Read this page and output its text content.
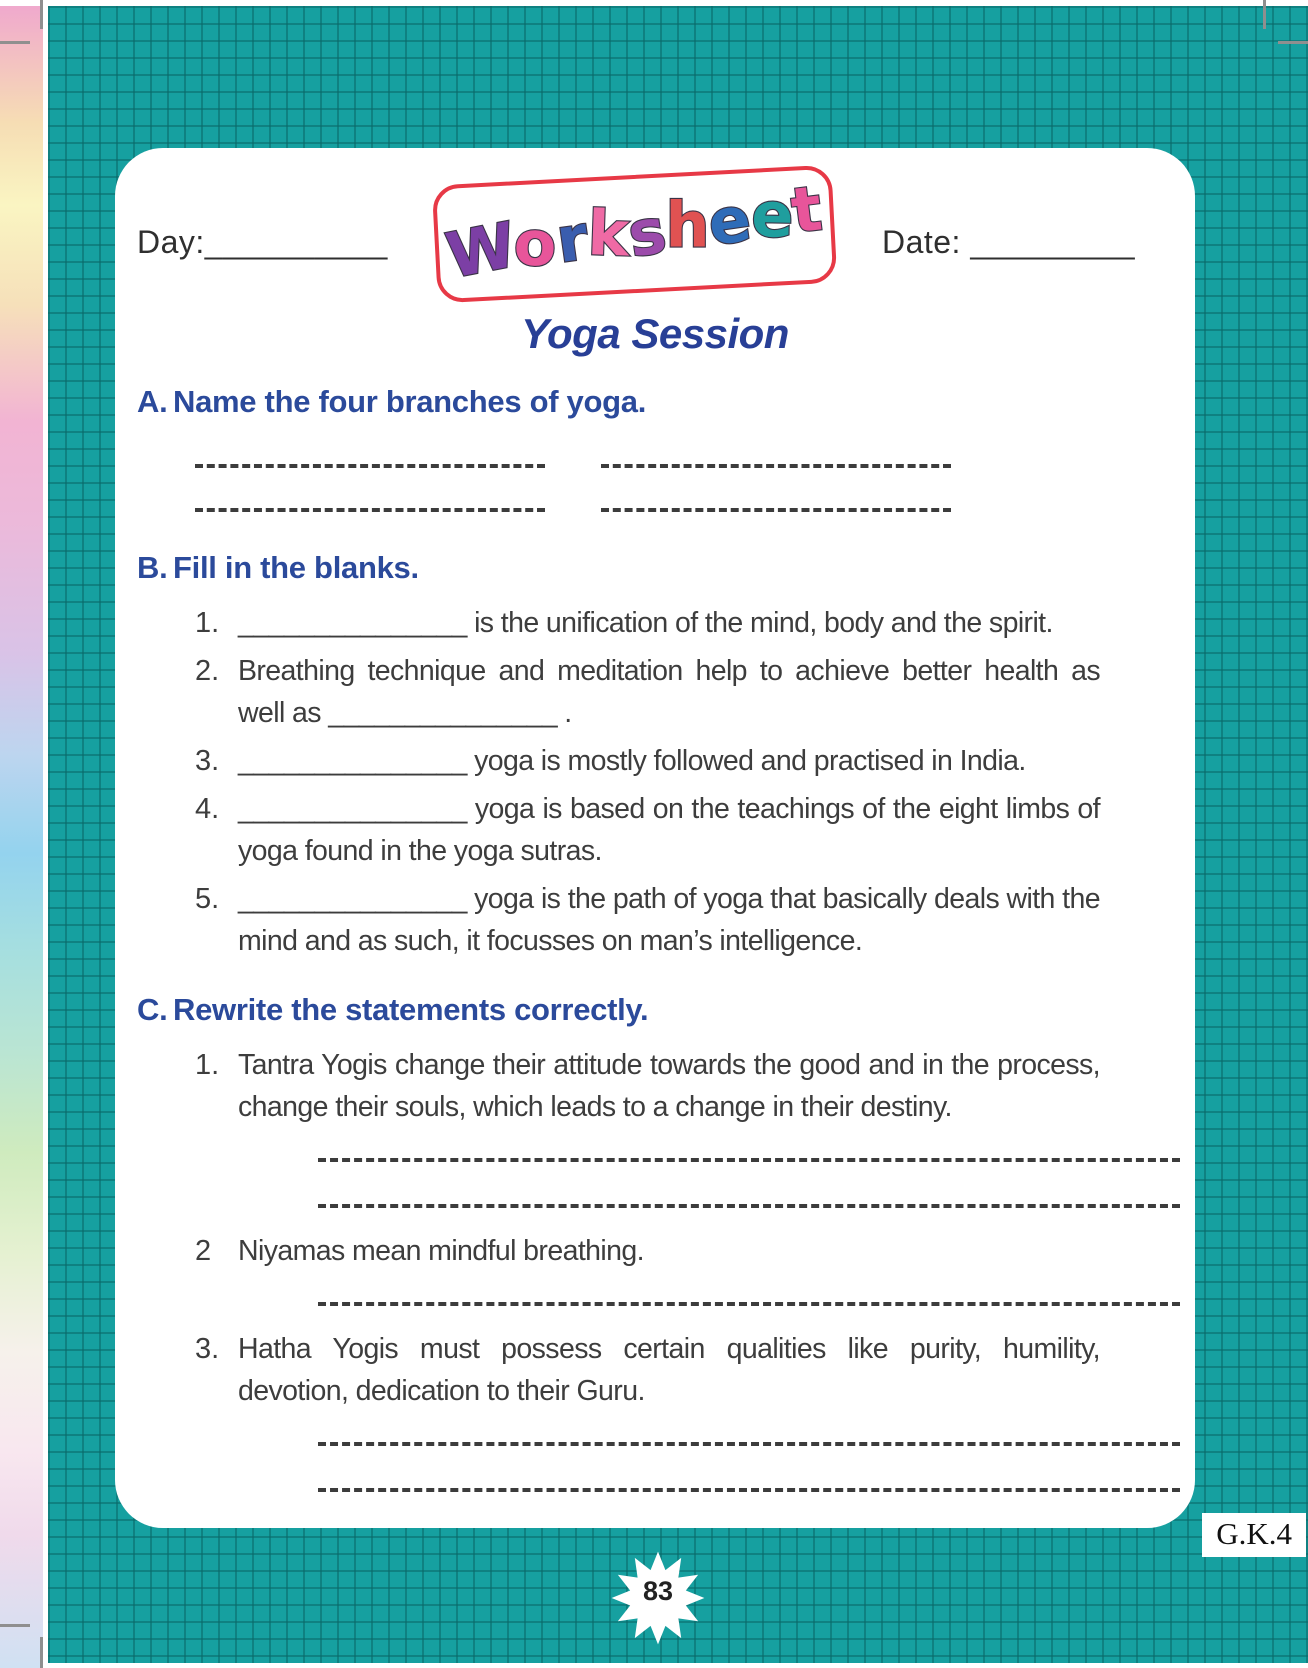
Day:__________ W
o
r
k
s
h
e
e
t Date: _________
Yoga Session
A. Name the four branches of yoga.
B. Fill in the blanks.
1. _______________ is the unification of the mind, body and the spirit.
2. Breathing technique and meditation help to achieve better health as well as _______________ .
3. _______________ yoga is mostly followed and practised in India.
4. _______________ yoga is based on the teachings of the eight limbs of yoga found in the yoga sutras.
5. _______________ yoga is the path of yoga that basically deals with the mind and as such, it focusses on man’s intelligence.
C. Rewrite the statements correctly.
1. Tantra Yogis change their attitude towards the good and in the process, change their souls, which leads to a change in their destiny.
2 Niyamas mean mindful breathing.
3. Hatha Yogis must possess certain qualities like purity, humility, devotion, dedication to their Guru.
83
G.K.4
